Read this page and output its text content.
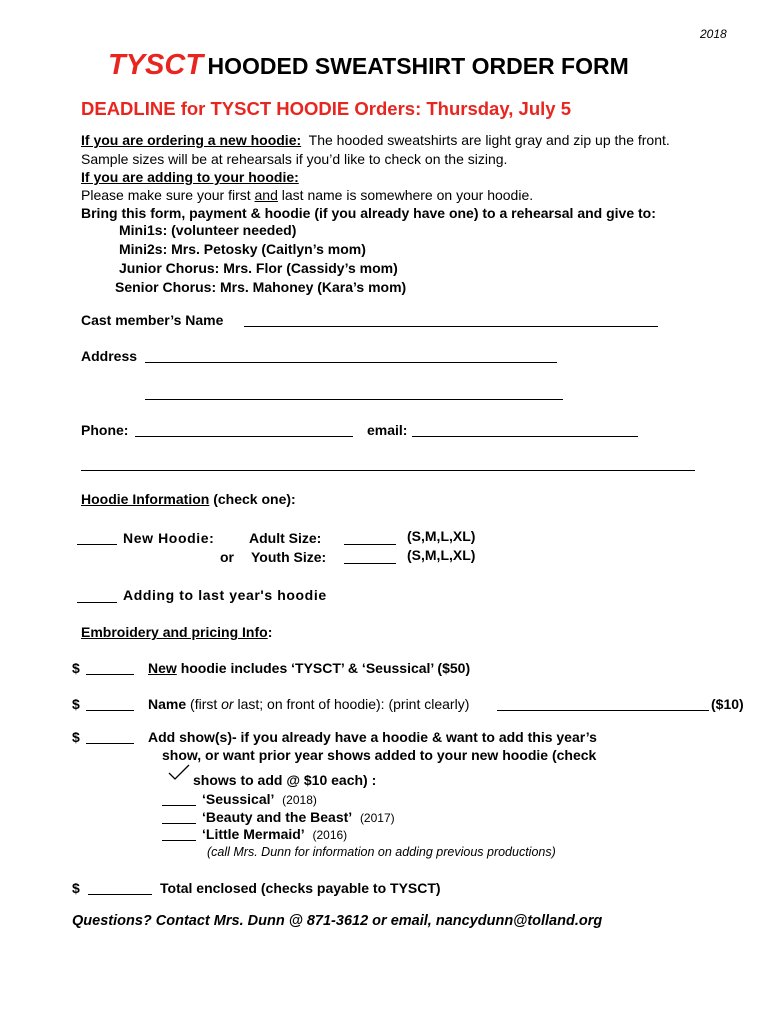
2018
TYSCT HOODED SWEATSHIRT ORDER FORM
DEADLINE for TYSCT HOODIE Orders: Thursday, July 5
If you are ordering a new hoodie: The hooded sweatshirts are light gray and zip up the front.
Sample sizes will be at rehearsals if you’d like to check on the sizing.
If you are adding to your hoodie:
Please make sure your first and last name is somewhere on your hoodie.
Bring this form, payment & hoodie (if you already have one) to a rehearsal and give to:
Mini1s: (volunteer needed)
Mini2s: Mrs. Petosky (Caitlyn’s mom)
Junior Chorus: Mrs. Flor (Cassidy’s mom)
Senior Chorus: Mrs. Mahoney (Kara’s mom)
Cast member’s Name
Address
Phone:	email:
Hoodie Information (check one):
New Hoodie: Adult Size:	(S,M,L,XL)
or Youth Size:	(S,M,L,XL)
Adding to last year's hoodie
Embroidery and pricing Info:
$	New hoodie includes ‘TYSCT’ & ‘Seussical’ ($50)
$	Name (first or last; on front of hoodie): (print clearly)	($10)
$	Add show(s)- if you already have a hoodie & want to add this year’s
show, or want prior year shows added to your new hoodie (check
shows to add @ $10 each) :
‘Seussical’ (2018)
‘Beauty and the Beast’ (2017)
‘Little Mermaid’ (2016)
(call Mrs. Dunn for information on adding previous productions)
$	Total enclosed (checks payable to TYSCT)
Questions? Contact Mrs. Dunn @ 871-3612 or email, nancydunn@tolland.org
